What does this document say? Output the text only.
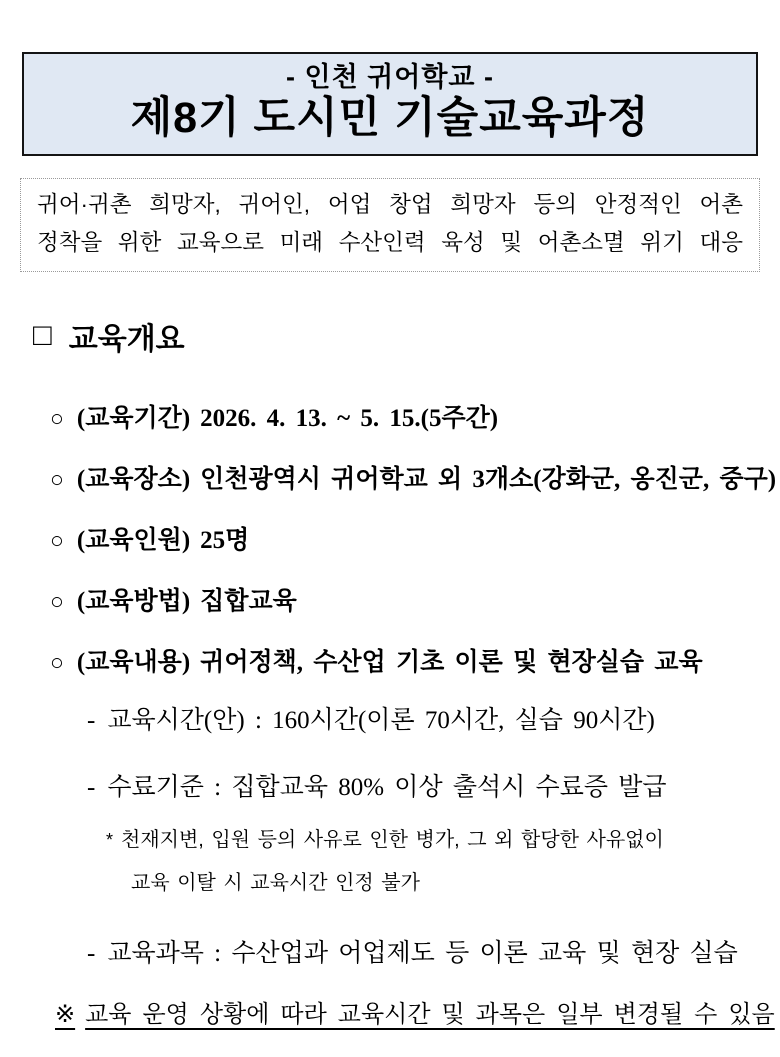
- 인천 귀어학교 -
제8기 도시민 기술교육과정
귀어·귀촌 희망자, 귀어인, 어업 창업 희망자 등의 안정적인 어촌
정착을 위한 교육으로 미래 수산인력 육성 및 어촌소멸 위기 대응
□ 교육개요
○ (교육기간) 2026. 4. 13. ~ 5. 15.(5주간)
○ (교육장소) 인천광역시 귀어학교 외 3개소(강화군, 옹진군, 중구)
○ (교육인원) 25명
○ (교육방법) 집합교육
○ (교육내용) 귀어정책, 수산업 기초 이론 및 현장실습 교육
- 교육시간(안) : 160시간(이론 70시간, 실습 90시간)
- 수료기준 : 집합교육 80% 이상 출석시 수료증 발급
* 천재지변, 입원 등의 사유로 인한 병가, 그 외 합당한 사유없이
교육 이탈 시 교육시간 인정 불가
- 교육과목 : 수산업과 어업제도 등 이론 교육 및 현장 실습
※ 교육 운영 상황에 따라 교육시간 및 과목은 일부 변경될 수 있음
